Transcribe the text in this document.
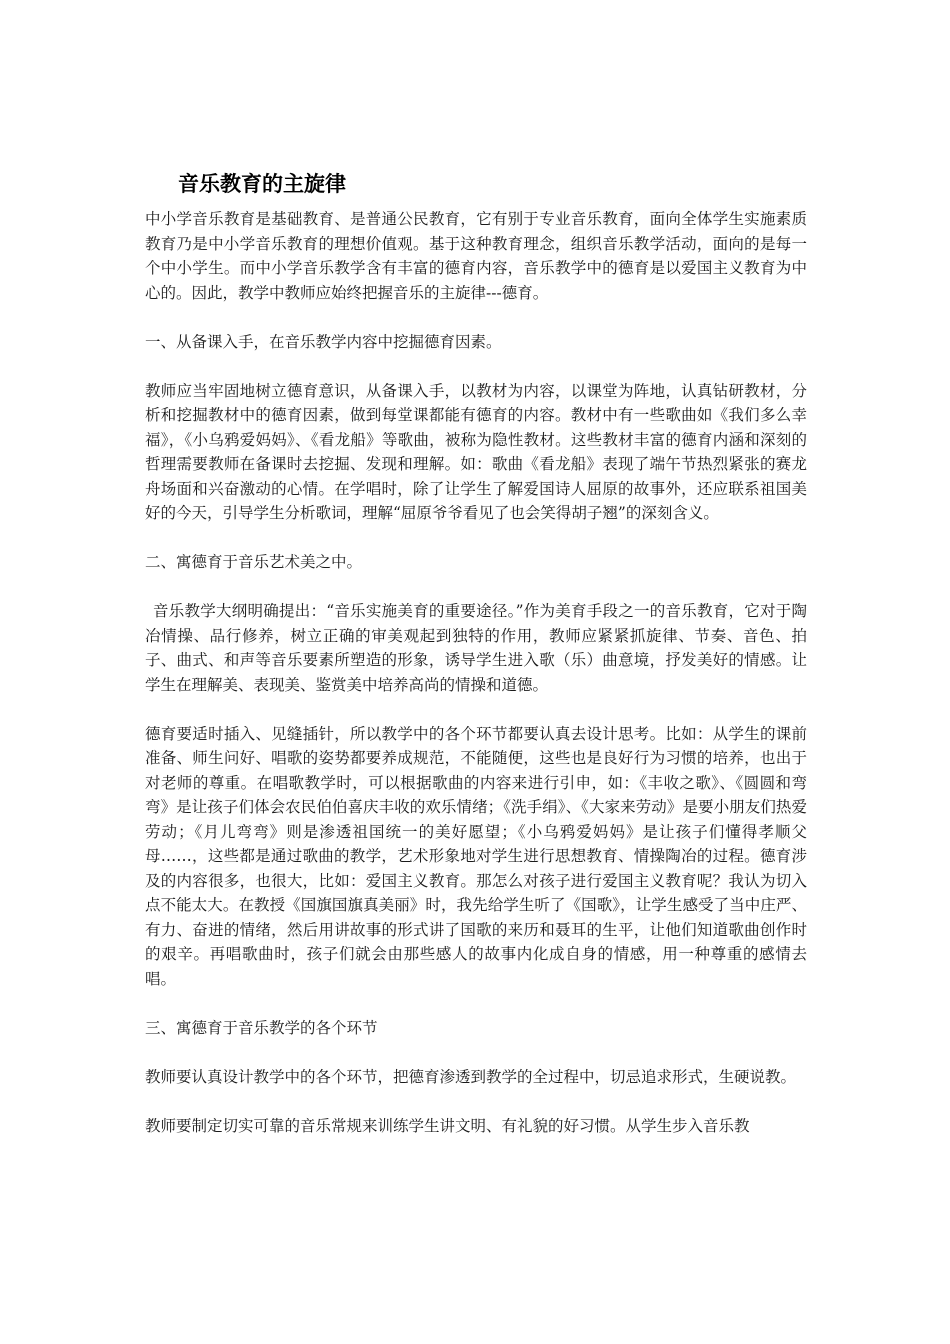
音乐教育的主旋律

中小学音乐教育是基础教育、是普通公民教育，它有别于专业音乐教育，面向全体学生实施素质教育乃是中小学音乐教育的理想价值观。基于这种教育理念，组织音乐教学活动，面向的是每一个中小学生。而中小学音乐教学含有丰富的德育内容，音乐教学中的德育是以爱国主义教育为中心的。因此，教学中教师应始终把握音乐的主旋律---德育。

一、从备课入手，在音乐教学内容中挖掘德育因素。

教师应当牢固地树立德育意识，从备课入手，以教材为内容，以课堂为阵地，认真钻研教材，分析和挖掘教材中的德育因素，做到每堂课都能有德育的内容。教材中有一些歌曲如《我们多么幸福》，《小乌鸦爱妈妈》、《看龙船》等歌曲，被称为隐性教材。这些教材丰富的德育内涵和深刻的哲理需要教师在备课时去挖掘、发现和理解。如：歌曲《看龙船》表现了端午节热烈紧张的赛龙舟场面和兴奋激动的心情。在学唱时，除了让学生了解爱国诗人屈原的故事外，还应联系祖国美好的今天，引导学生分析歌词，理解“屈原爷爷看见了也会笑得胡子翘”的深刻含义。

二、寓德育于音乐艺术美之中。

音乐教学大纲明确提出：“音乐实施美育的重要途径。”作为美育手段之一的音乐教育，它对于陶冶情操、品行修养，树立正确的审美观起到独特的作用，教师应紧紧抓旋律、节奏、音色、拍子、曲式、和声等音乐要素所塑造的形象，诱导学生进入歌（乐）曲意境，抒发美好的情感。让学生在理解美、表现美、鉴赏美中培养高尚的情操和道德。

德育要适时插入、见缝插针，所以教学中的各个环节都要认真去设计思考。比如：从学生的课前准备、师生问好、唱歌的姿势都要养成规范，不能随便，这些也是良好行为习惯的培养，也出于对老师的尊重。在唱歌教学时，可以根据歌曲的内容来进行引申，如：《丰收之歌》、《圆圆和弯弯》是让孩子们体会农民伯伯喜庆丰收的欢乐情绪；《洗手绢》、《大家来劳动》是要小朋友们热爱劳动；《月儿弯弯》则是渗透祖国统一的美好愿望；《小乌鸦爱妈妈》是让孩子们懂得孝顺父母……，这些都是通过歌曲的教学，艺术形象地对学生进行思想教育、情操陶冶的过程。德育涉及的内容很多，也很大，比如：爱国主义教育。那怎么对孩子进行爱国主义教育呢？我认为切入点不能太大。在教授《国旗国旗真美丽》时，我先给学生听了《国歌》，让学生感受了当中庄严、有力、奋进的情绪，然后用讲故事的形式讲了国歌的来历和聂耳的生平，让他们知道歌曲创作时的艰辛。再唱歌曲时，孩子们就会由那些感人的故事内化成自身的情感，用一种尊重的感情去唱。

三、寓德育于音乐教学的各个环节

教师要认真设计教学中的各个环节，把德育渗透到教学的全过程中，切忌追求形式，生硬说教。

教师要制定切实可靠的音乐常规来训练学生讲文明、有礼貌的好习惯。从学生步入音乐教
